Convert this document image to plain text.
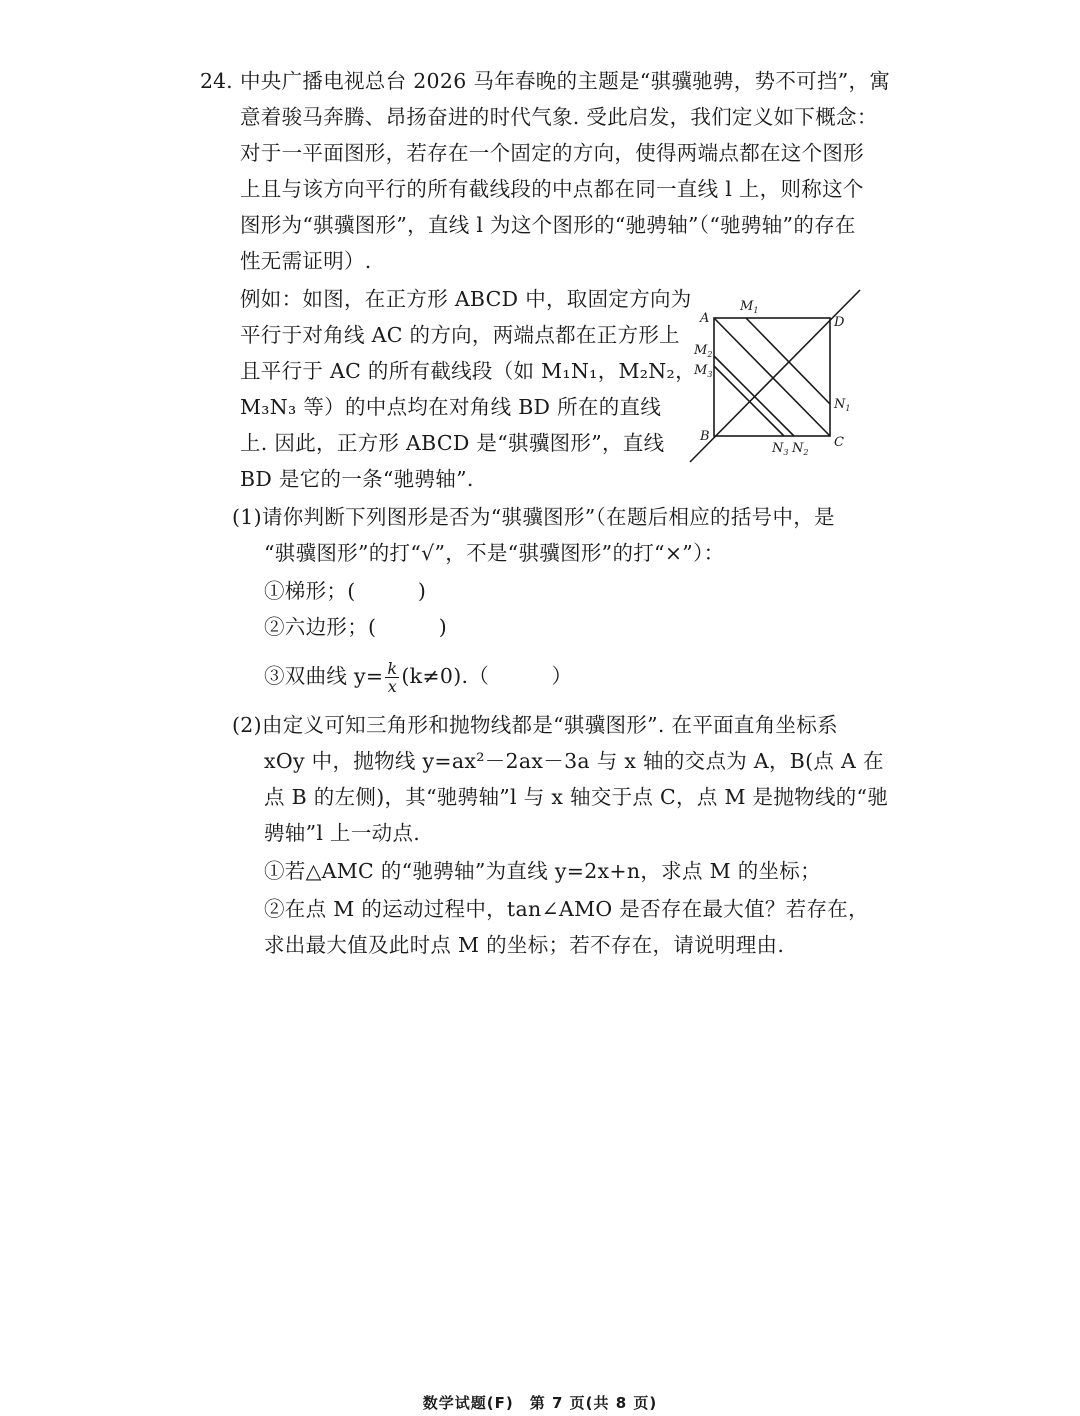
24. 中央广播电视总台 2026 马年春晚的主题是“骐骥驰骋，势不可挡”，寓
意着骏马奔腾、昂扬奋进的时代气象. 受此启发，我们定义如下概念：
对于一平面图形，若存在一个固定的方向，使得两端点都在这个图形
上且与该方向平行的所有截线段的中点都在同一直线 l 上，则称这个
图形为“骐骥图形”，直线 l 为这个图形的“驰骋轴”（“驰骋轴”的存在
性无需证明）.
例如：如图，在正方形 ABCD 中，取固定方向为
平行于对角线 AC 的方向，两端点都在正方形上
且平行于 AC 的所有截线段（如 M₁N₁，M₂N₂，
M₃N₃ 等）的中点均在对角线 BD 所在的直线
上. 因此，正方形 ABCD 是“骐骥图形”，直线
BD 是它的一条“驰骋轴”.
A	D
B	C
$M_1$
$M_2$
$M_3$
$N_1$
$N_3$ $N_2$
(1)请你判断下列图形是否为“骐骥图形”（在题后相应的括号中，是
“骐骥图形”的打“√”，不是“骐骥图形”的打“×”）：
①梯形；(　　　)
②六边形；(　　　)
③双曲线 $y= \frac{k}{x} (k\ne 0)$.（　　　）
(2)由定义可知三角形和抛物线都是“骐骥图形”. 在平面直角坐标系
xOy 中，抛物线 y=ax²－2ax－3a 与 x 轴的交点为 A，B(点 A 在
点 B 的左侧)，其“驰骋轴”l 与 x 轴交于点 C，点 M 是抛物线的“驰
骋轴”l 上一动点.
①若△AMC 的“驰骋轴”为直线 y=2x+n，求点 M 的坐标；
②在点 M 的运动过程中，tan∠AMO 是否存在最大值？若存在，
求出最大值及此时点 M 的坐标；若不存在，请说明理由.
数学试题(F)　第 7 页(共 8 页)
